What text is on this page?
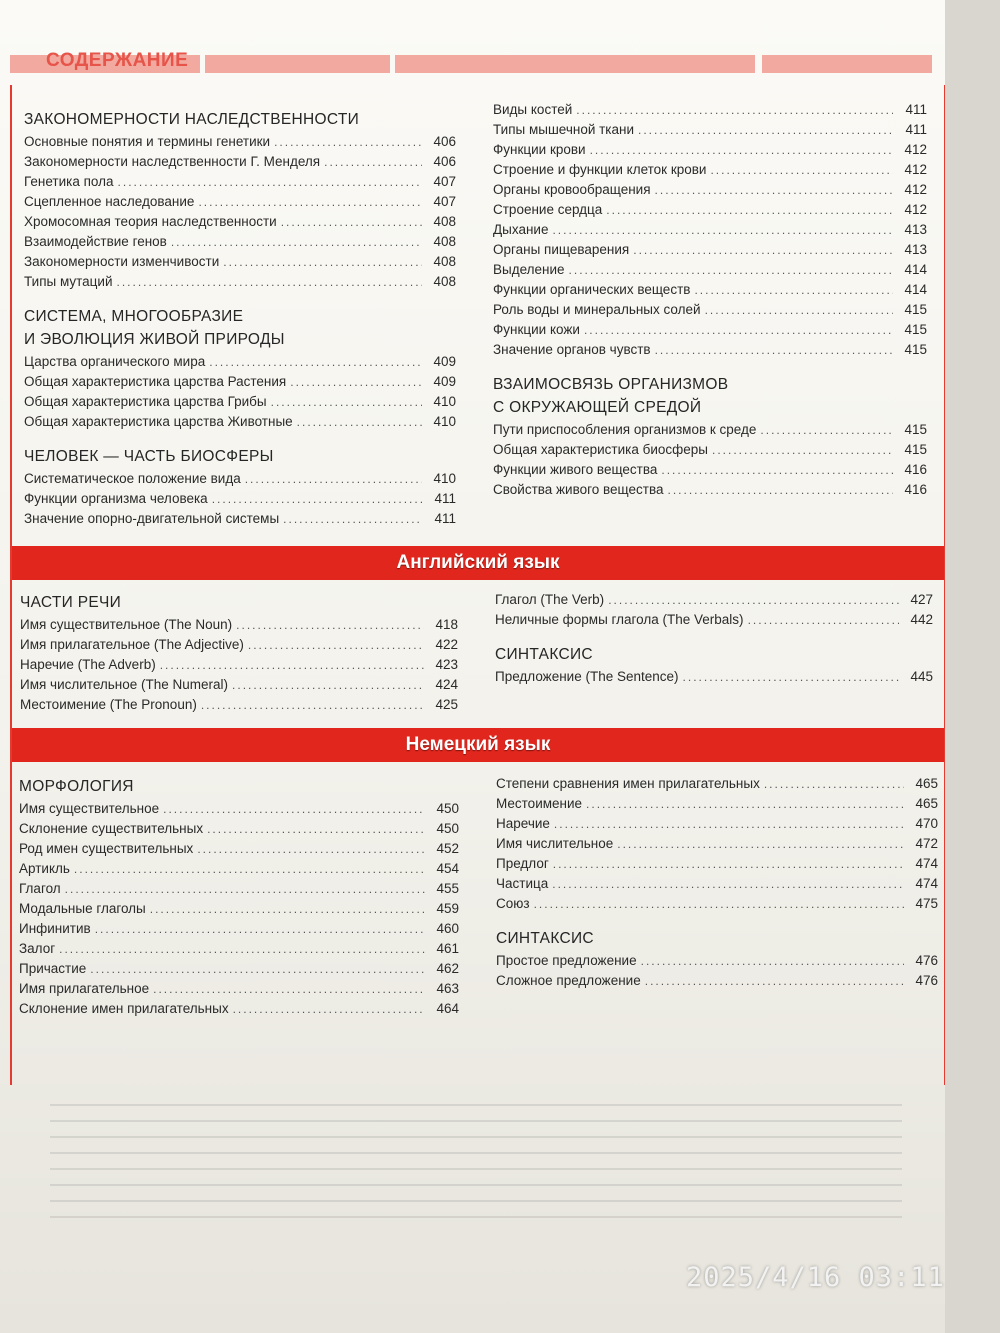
СОДЕРЖАНИЕ
Английский язык
Немецкий язык
ЗАКОНОМЕРНОСТИ НАСЛЕДСТВЕННОСТИ
Основные понятия и термины генетики .....	406
Закономерности наследственности Г. Менделя .....	406
Генетика пола .....	407
Сцепленное наследование .....	407
Хромосомная теория наследственности .....	408
Взаимодействие генов .....	408
Закономерности изменчивости .....	408
Типы мутаций .....	408
СИСТЕМА, МНОГООБРАЗИЕ
И ЭВОЛЮЦИЯ ЖИВОЙ ПРИРОДЫ
Царства органического мира .....	409
Общая характеристика царства Растения .....	409
Общая характеристика царства Грибы .....	410
Общая характеристика царства Животные .....	410
ЧЕЛОВЕК — ЧАСТЬ БИОСФЕРЫ
Систематическое положение вида .....	410
Функции организма человека .....	411
Значение опорно-двигательной системы .....	411
Виды костей .....	411
Типы мышечной ткани .....	411
Функции крови .....	412
Строение и функции клеток крови .....	412
Органы кровообращения .....	412
Строение сердца .....	412
Дыхание .....	413
Органы пищеварения .....	413
Выделение .....	414
Функции органических веществ .....	414
Роль воды и минеральных солей .....	415
Функции кожи .....	415
Значение органов чувств .....	415
ВЗАИМОСВЯЗЬ ОРГАНИЗМОВ
С ОКРУЖАЮЩЕЙ СРЕДОЙ
Пути приспособления организмов к среде .....	415
Общая характеристика биосферы .....	415
Функции живого вещества .....	416
Свойства живого вещества .....	416
ЧАСТИ РЕЧИ
Имя существительное (The Noun) .....	418
Имя прилагательное (The Adjective) .....	422
Наречие (The Adverb) .....	423
Имя числительное (The Numeral) .....	424
Местоимение (The Pronoun) .....	425
Глагол (The Verb) .....	427
Неличные формы глагола (The Verbals) .....	442
СИНТАКСИС
Предложение (The Sentence) .....	445
МОРФОЛОГИЯ
Имя существительное .....	450
Склонение существительных .....	450
Род имен существительных .....	452
Артикль .....	454
Глагол .....	455
Модальные глаголы .....	459
Инфинитив .....	460
Залог .....	461
Причастие .....	462
Имя прилагательное .....	463
Склонение имен прилагательных .....	464
Степени сравнения имен прилагательных .....	465
Местоимение .....	465
Наречие .....	470
Имя числительное .....	472
Предлог .....	474
Частица .....	474
Союз .....	475
СИНТАКСИС
Простое предложение .....	476
Сложное предложение .....	476
2025/4/16 03:11
